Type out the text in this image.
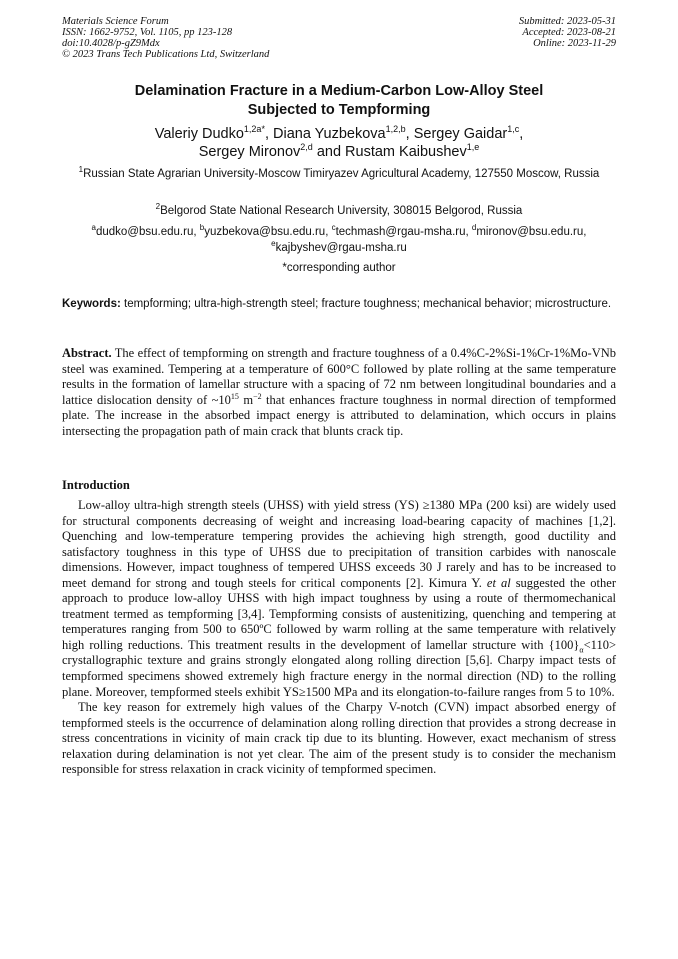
Materials Science Forum
ISSN: 1662-9752, Vol. 1105, pp 123-128
doi:10.4028/p-gZ9Mdx
© 2023 Trans Tech Publications Ltd, Switzerland
Submitted: 2023-05-31
Accepted: 2023-08-21
Online: 2023-11-29
Delamination Fracture in a Medium-Carbon Low-Alloy Steel
Subjected to Tempforming
Valeriy Dudko$^{1,2a*}$, Diana Yuzbekova$^{1,2,b}$, Sergey Gaidar$^{1,c}$,
Sergey Mironov$^{2,d}$ and Rustam Kaibushev$^{1,e}$
$^1$Russian State Agrarian University-Moscow Timiryazev Agricultural Academy, 127550 Moscow, Russia
$^2$Belgorod State National Research University, 308015 Belgorod, Russia
$^a$dudko@bsu.edu.ru, $^b$yuzbekova@bsu.edu.ru, $^c$techmash@rgau-msha.ru, $^d$mironov@bsu.edu.ru, $^e$kajbyshev@rgau-msha.ru
*corresponding author
Keywords: tempforming; ultra-high-strength steel; fracture toughness; mechanical behavior; microstructure.
Abstract. The effect of tempforming on strength and fracture toughness of a 0.4%C-2%Si-1%Cr-1%Mo-VNb steel was examined. Tempering at a temperature of 600°C followed by plate rolling at the same temperature results in the formation of lamellar structure with a spacing of 72 nm between longitudinal boundaries and a lattice dislocation density of $\sim 10^{15}$ $m^{-2}$ that enhances fracture toughness in normal direction of tempformed plate. The increase in the absorbed impact energy is attributed to delamination, which occurs in plains intersecting the propagation path of main crack that blunts crack tip.
Introduction

Low-alloy ultra-high strength steels (UHSS) with yield stress (YS) ≥1380 MPa (200 ksi) are widely used for structural components decreasing of weight and increasing load-bearing capacity of machines [1,2]. Quenching and low-temperature tempering provides the achieving high strength, good ductility and satisfactory toughness in this type of UHSS due to precipitation of transition carbides with nanoscale dimensions. However, impact toughness of tempered UHSS exceeds 30 J rarely and has to be increased to meet demand for strong and tough steels for critical components [2]. Kimura Y. et al suggested the other approach to produce low-alloy UHSS with high impact toughness by using a route of thermomechanical treatment termed as tempforming [3,4]. Tempforming consists of austenitizing, quenching and tempering at temperatures ranging from 500 to 650ºC followed by warm rolling at the same temperature with relatively high rolling reductions. This treatment results in the development of lamellar structure with $\{100\}_\alpha<110>$ crystallographic texture and grains strongly elongated along rolling direction [5,6]. Charpy impact tests of tempformed specimens showed extremely high fracture energy in the normal direction (ND) to the rolling plane. Moreover, tempformed steels exhibit YS≥1500 MPa and its elongation-to-failure ranges from 5 to 10%.

The key reason for extremely high values of the Charpy V-notch (CVN) impact absorbed energy of tempformed steels is the occurrence of delamination along rolling direction that provides a strong decrease in stress concentrations in vicinity of main crack tip due to its blunting. However, exact mechanism of stress relaxation during delamination is not yet clear. The aim of the present study is to consider the mechanism responsible for stress relaxation in crack vicinity of tempformed specimen.
